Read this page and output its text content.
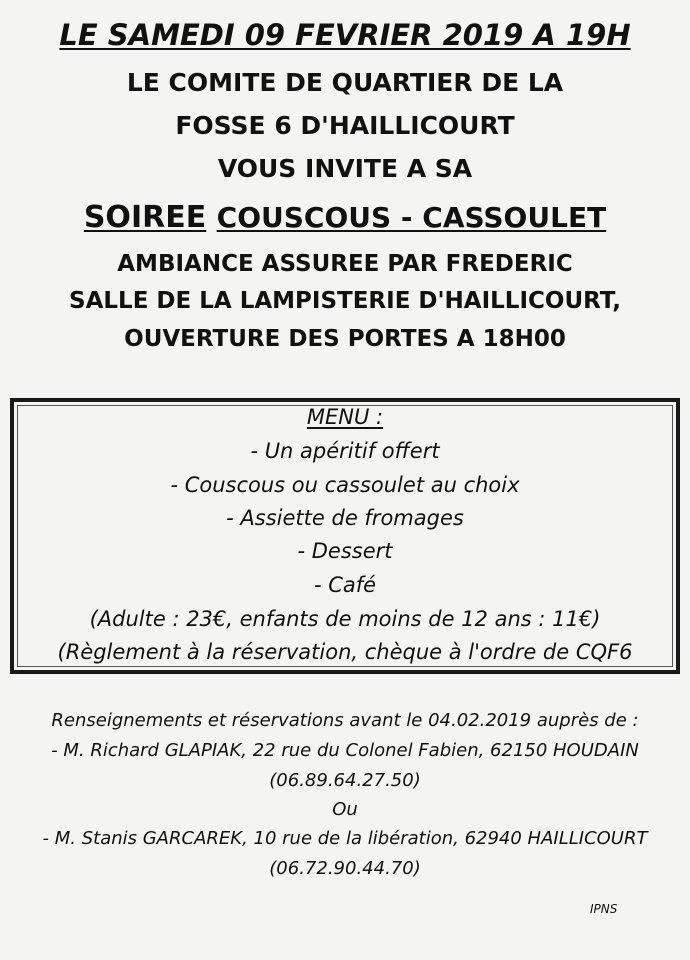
LE SAMEDI 09 FEVRIER 2019 A 19H
LE COMITE DE QUARTIER DE LA
FOSSE 6 D'HAILLICOURT
VOUS INVITE A SA
SOIREE COUSCOUS - CASSOULET
AMBIANCE ASSUREE PAR FREDERIC
SALLE DE LA LAMPISTERIE D'HAILLICOURT,
OUVERTURE DES PORTES A 18H00
MENU :
- Un apéritif offert
- Couscous ou cassoulet au choix
- Assiette de fromages
- Dessert
- Café
(Adulte : 23€, enfants de moins de 12 ans : 11€)
(Règlement à la réservation, chèque à l'ordre de CQF6
Renseignements et réservations avant le 04.02.2019 auprès de :
- M. Richard GLAPIAK, 22 rue du Colonel Fabien, 62150 HOUDAIN
(06.89.64.27.50)
Ou
- M. Stanis GARCAREK, 10 rue de la libération, 62940 HAILLICOURT
(06.72.90.44.70)
IPNS
